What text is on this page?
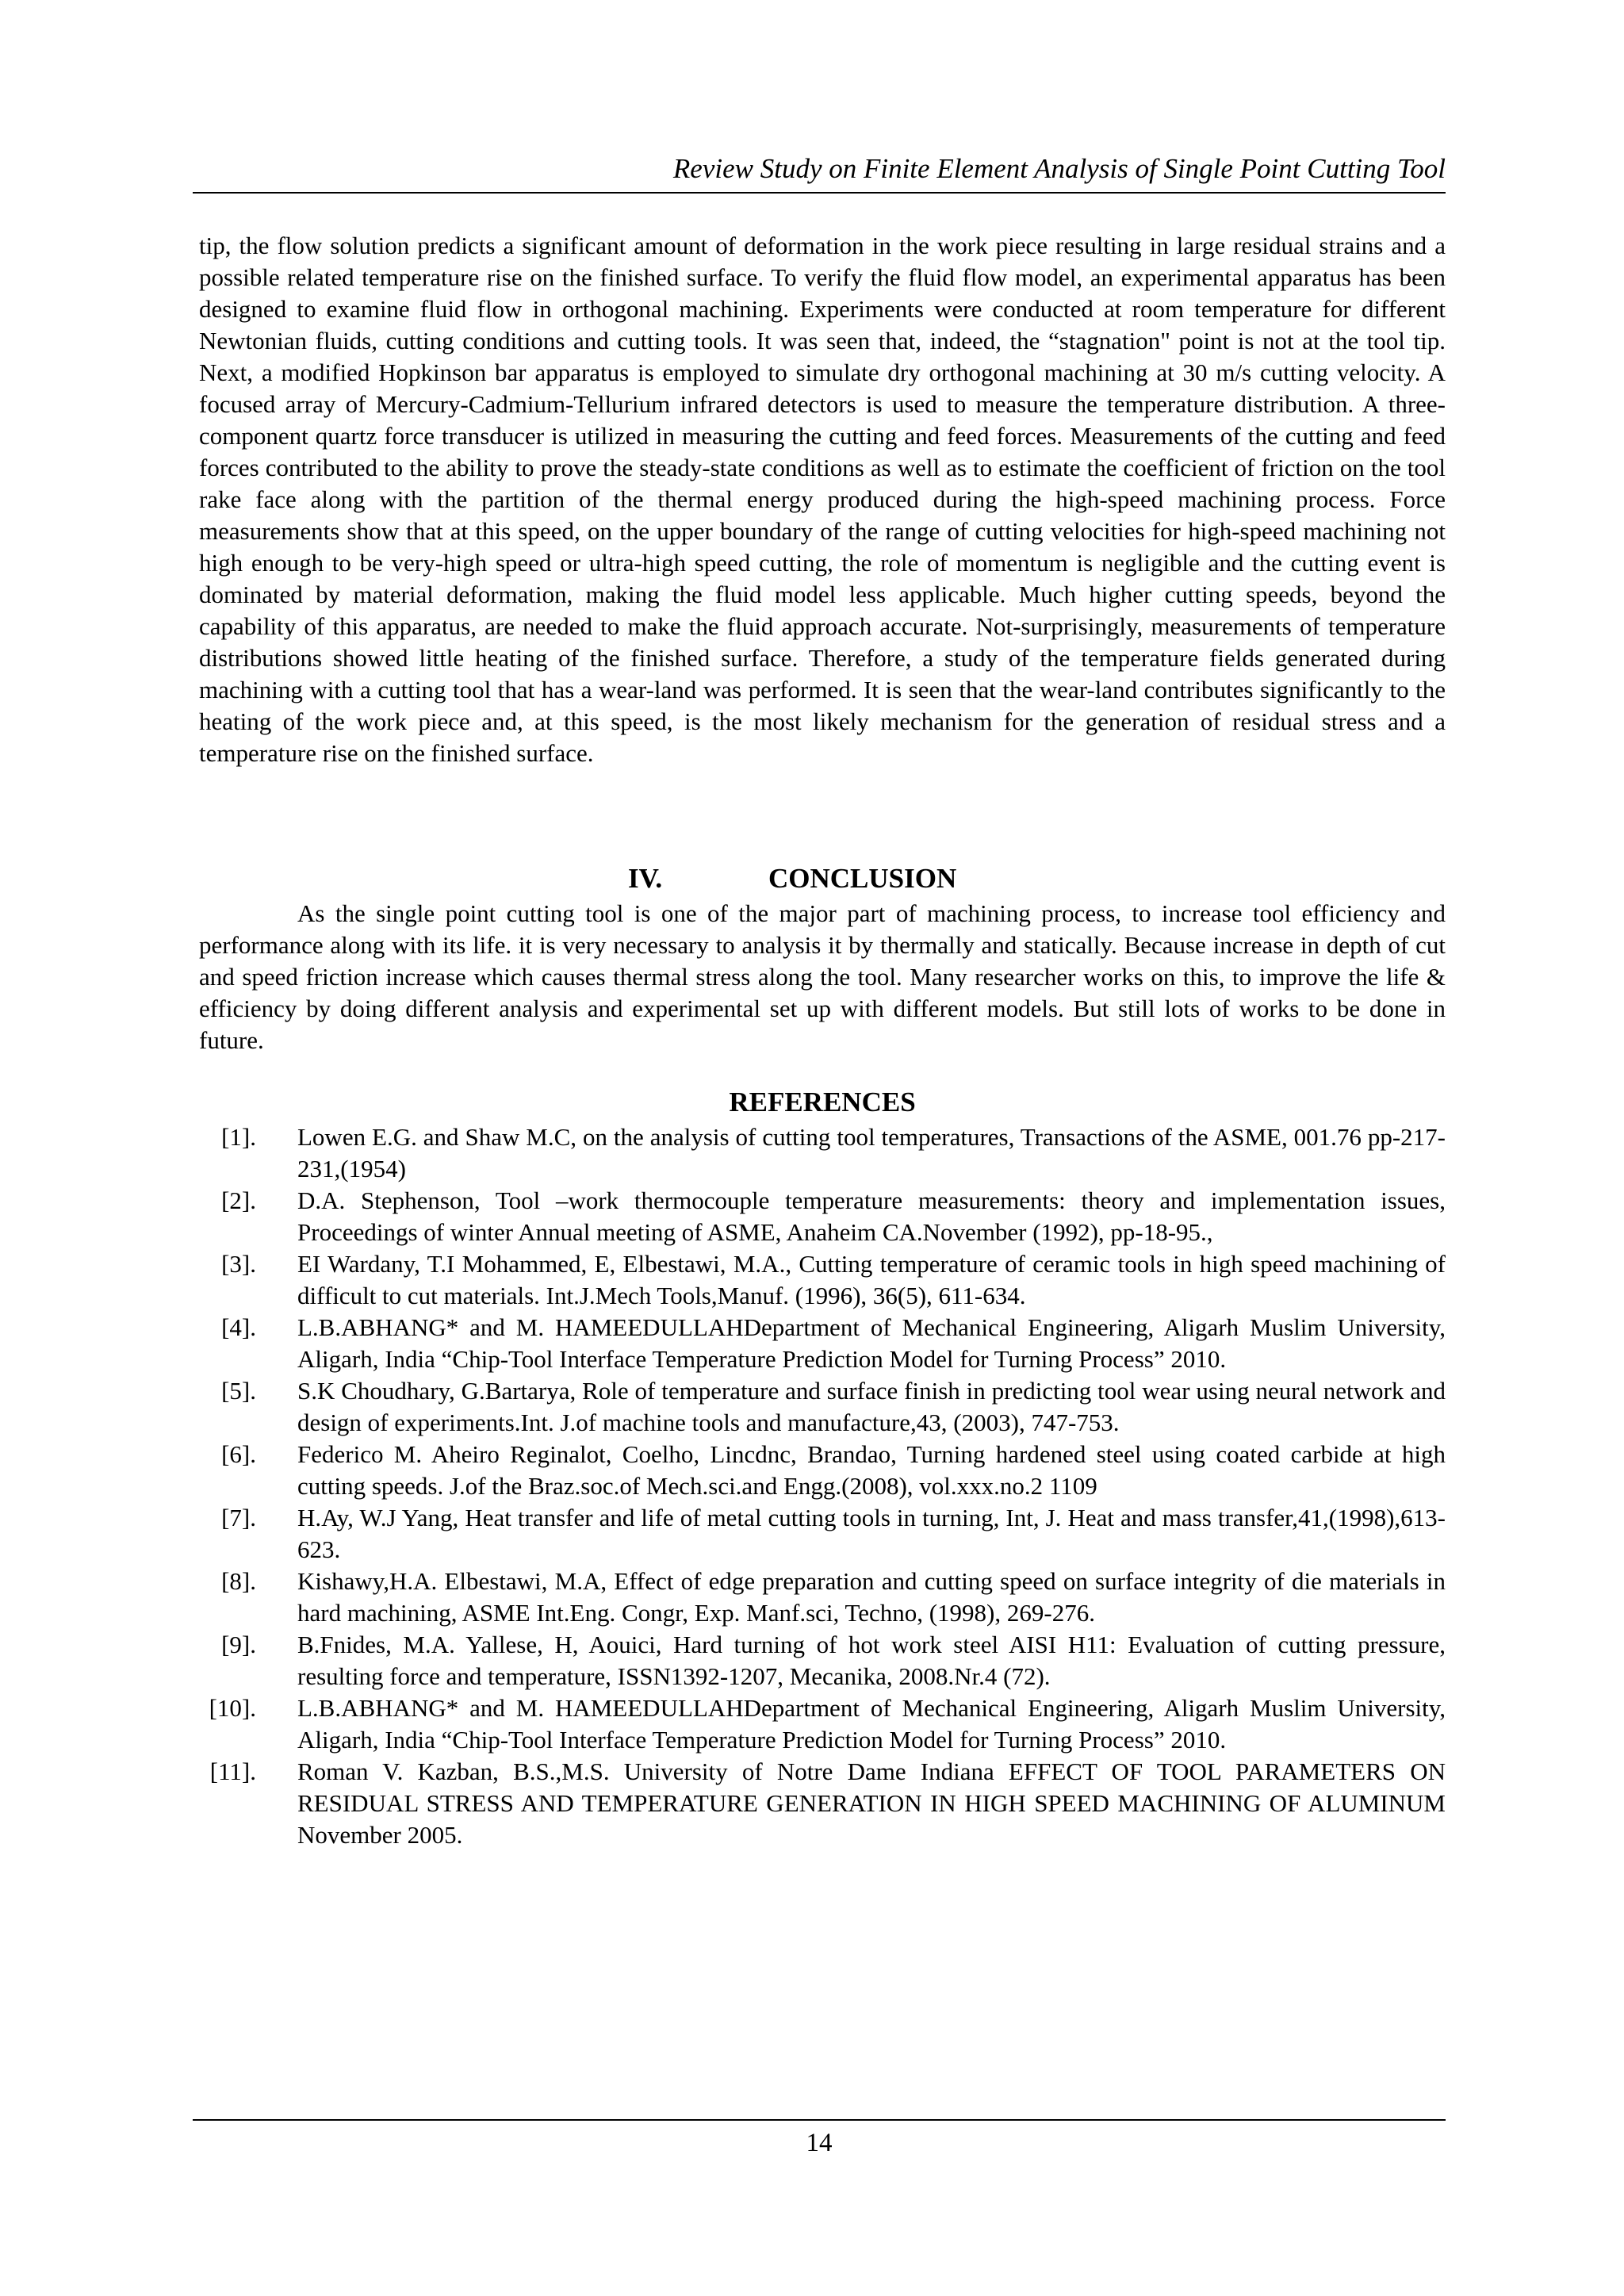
Review Study on Finite Element Analysis of Single Point Cutting Tool

tip, the flow solution predicts a significant amount of deformation in the work piece resulting in large residual strains and a possible related temperature rise on the finished surface. To verify the fluid flow model, an experimental apparatus has been designed to examine fluid flow in orthogonal machining. Experiments were conducted at room temperature for different Newtonian fluids, cutting conditions and cutting tools. It was seen that, indeed, the “stagnation" point is not at the tool tip. Next, a modified Hopkinson bar apparatus is employed to simulate dry orthogonal machining at 30 m/s cutting velocity. A focused array of Mercury-Cadmium-Tellurium infrared detectors is used to measure the temperature distribution. A three-component quartz force transducer is utilized in measuring the cutting and feed forces. Measurements of the cutting and feed forces contributed to the ability to prove the steady-state conditions as well as to estimate the coefficient of friction on the tool rake face along with the partition of the thermal energy produced during the high-speed machining process. Force measurements show that at this speed, on the upper boundary of the range of cutting velocities for high-speed machining not high enough to be very-high speed or ultra-high speed cutting, the role of momentum is negligible and the cutting event is dominated by material deformation, making the fluid model less applicable. Much higher cutting speeds, beyond the capability of this apparatus, are needed to make the fluid approach accurate. Not-surprisingly, measurements of temperature distributions showed little heating of the finished surface. Therefore, a study of the temperature fields generated during machining with a cutting tool that has a wear-land was performed. It is seen that the wear-land contributes significantly to the heating of the work piece and, at this speed, is the most likely mechanism for the generation of residual stress and a temperature rise on the finished surface.

IV.	CONCLUSION

As the single point cutting tool is one of the major part of machining process, to increase tool efficiency and performance along with its life. it is very necessary to analysis it by thermally and statically. Because increase in depth of cut and speed friction increase which causes thermal stress along the tool. Many researcher works on this, to improve the life & efficiency by doing different analysis and experimental set up with different models. But still lots of works to be done in future.

REFERENCES
[1]. Lowen E.G. and Shaw M.C, on the analysis of cutting tool temperatures, Transactions of the ASME, 001.76 pp-217-231,(1954)
[2]. D.A. Stephenson, Tool –work thermocouple temperature measurements: theory and implementation issues, Proceedings of winter Annual meeting of ASME, Anaheim CA.November (1992), pp-18-95.,
[3]. EI Wardany, T.I Mohammed, E, Elbestawi, M.A., Cutting temperature of ceramic tools in high speed machining of difficult to cut materials. Int.J.Mech Tools,Manuf. (1996), 36(5), 611-634.
[4]. L.B.ABHANG* and M. HAMEEDULLAHDepartment of Mechanical Engineering, Aligarh Muslim University, Aligarh, India “Chip-Tool Interface Temperature Prediction Model for Turning Process” 2010.
[5]. S.K Choudhary, G.Bartarya, Role of temperature and surface finish in predicting tool wear using neural network and design of experiments.Int. J.of machine tools and manufacture,43, (2003), 747-753.
[6]. Federico M. Aheiro Reginalot, Coelho, Lincdnc, Brandao, Turning hardened steel using coated carbide at high cutting speeds. J.of the Braz.soc.of Mech.sci.and Engg.(2008), vol.xxx.no.2 1109
[7]. H.Ay, W.J Yang, Heat transfer and life of metal cutting tools in turning, Int, J. Heat and mass transfer,41,(1998),613-623.
[8]. Kishawy,H.A. Elbestawi, M.A, Effect of edge preparation and cutting speed on surface integrity of die materials in hard machining, ASME Int.Eng. Congr, Exp. Manf.sci, Techno, (1998), 269-276.
[9]. B.Fnides, M.A. Yallese, H, Aouici, Hard turning of hot work steel AISI H11: Evaluation of cutting pressure, resulting force and temperature, ISSN1392-1207, Mecanika, 2008.Nr.4 (72).
[10]. L.B.ABHANG* and M. HAMEEDULLAHDepartment of Mechanical Engineering, Aligarh Muslim University, Aligarh, India “Chip-Tool Interface Temperature Prediction Model for Turning Process” 2010.
[11]. Roman V. Kazban, B.S.,M.S. University of Notre Dame Indiana EFFECT OF TOOL PARAMETERS ON RESIDUAL STRESS AND TEMPERATURE GENERATION IN HIGH SPEED MACHINING OF ALUMINUM November 2005.
14
